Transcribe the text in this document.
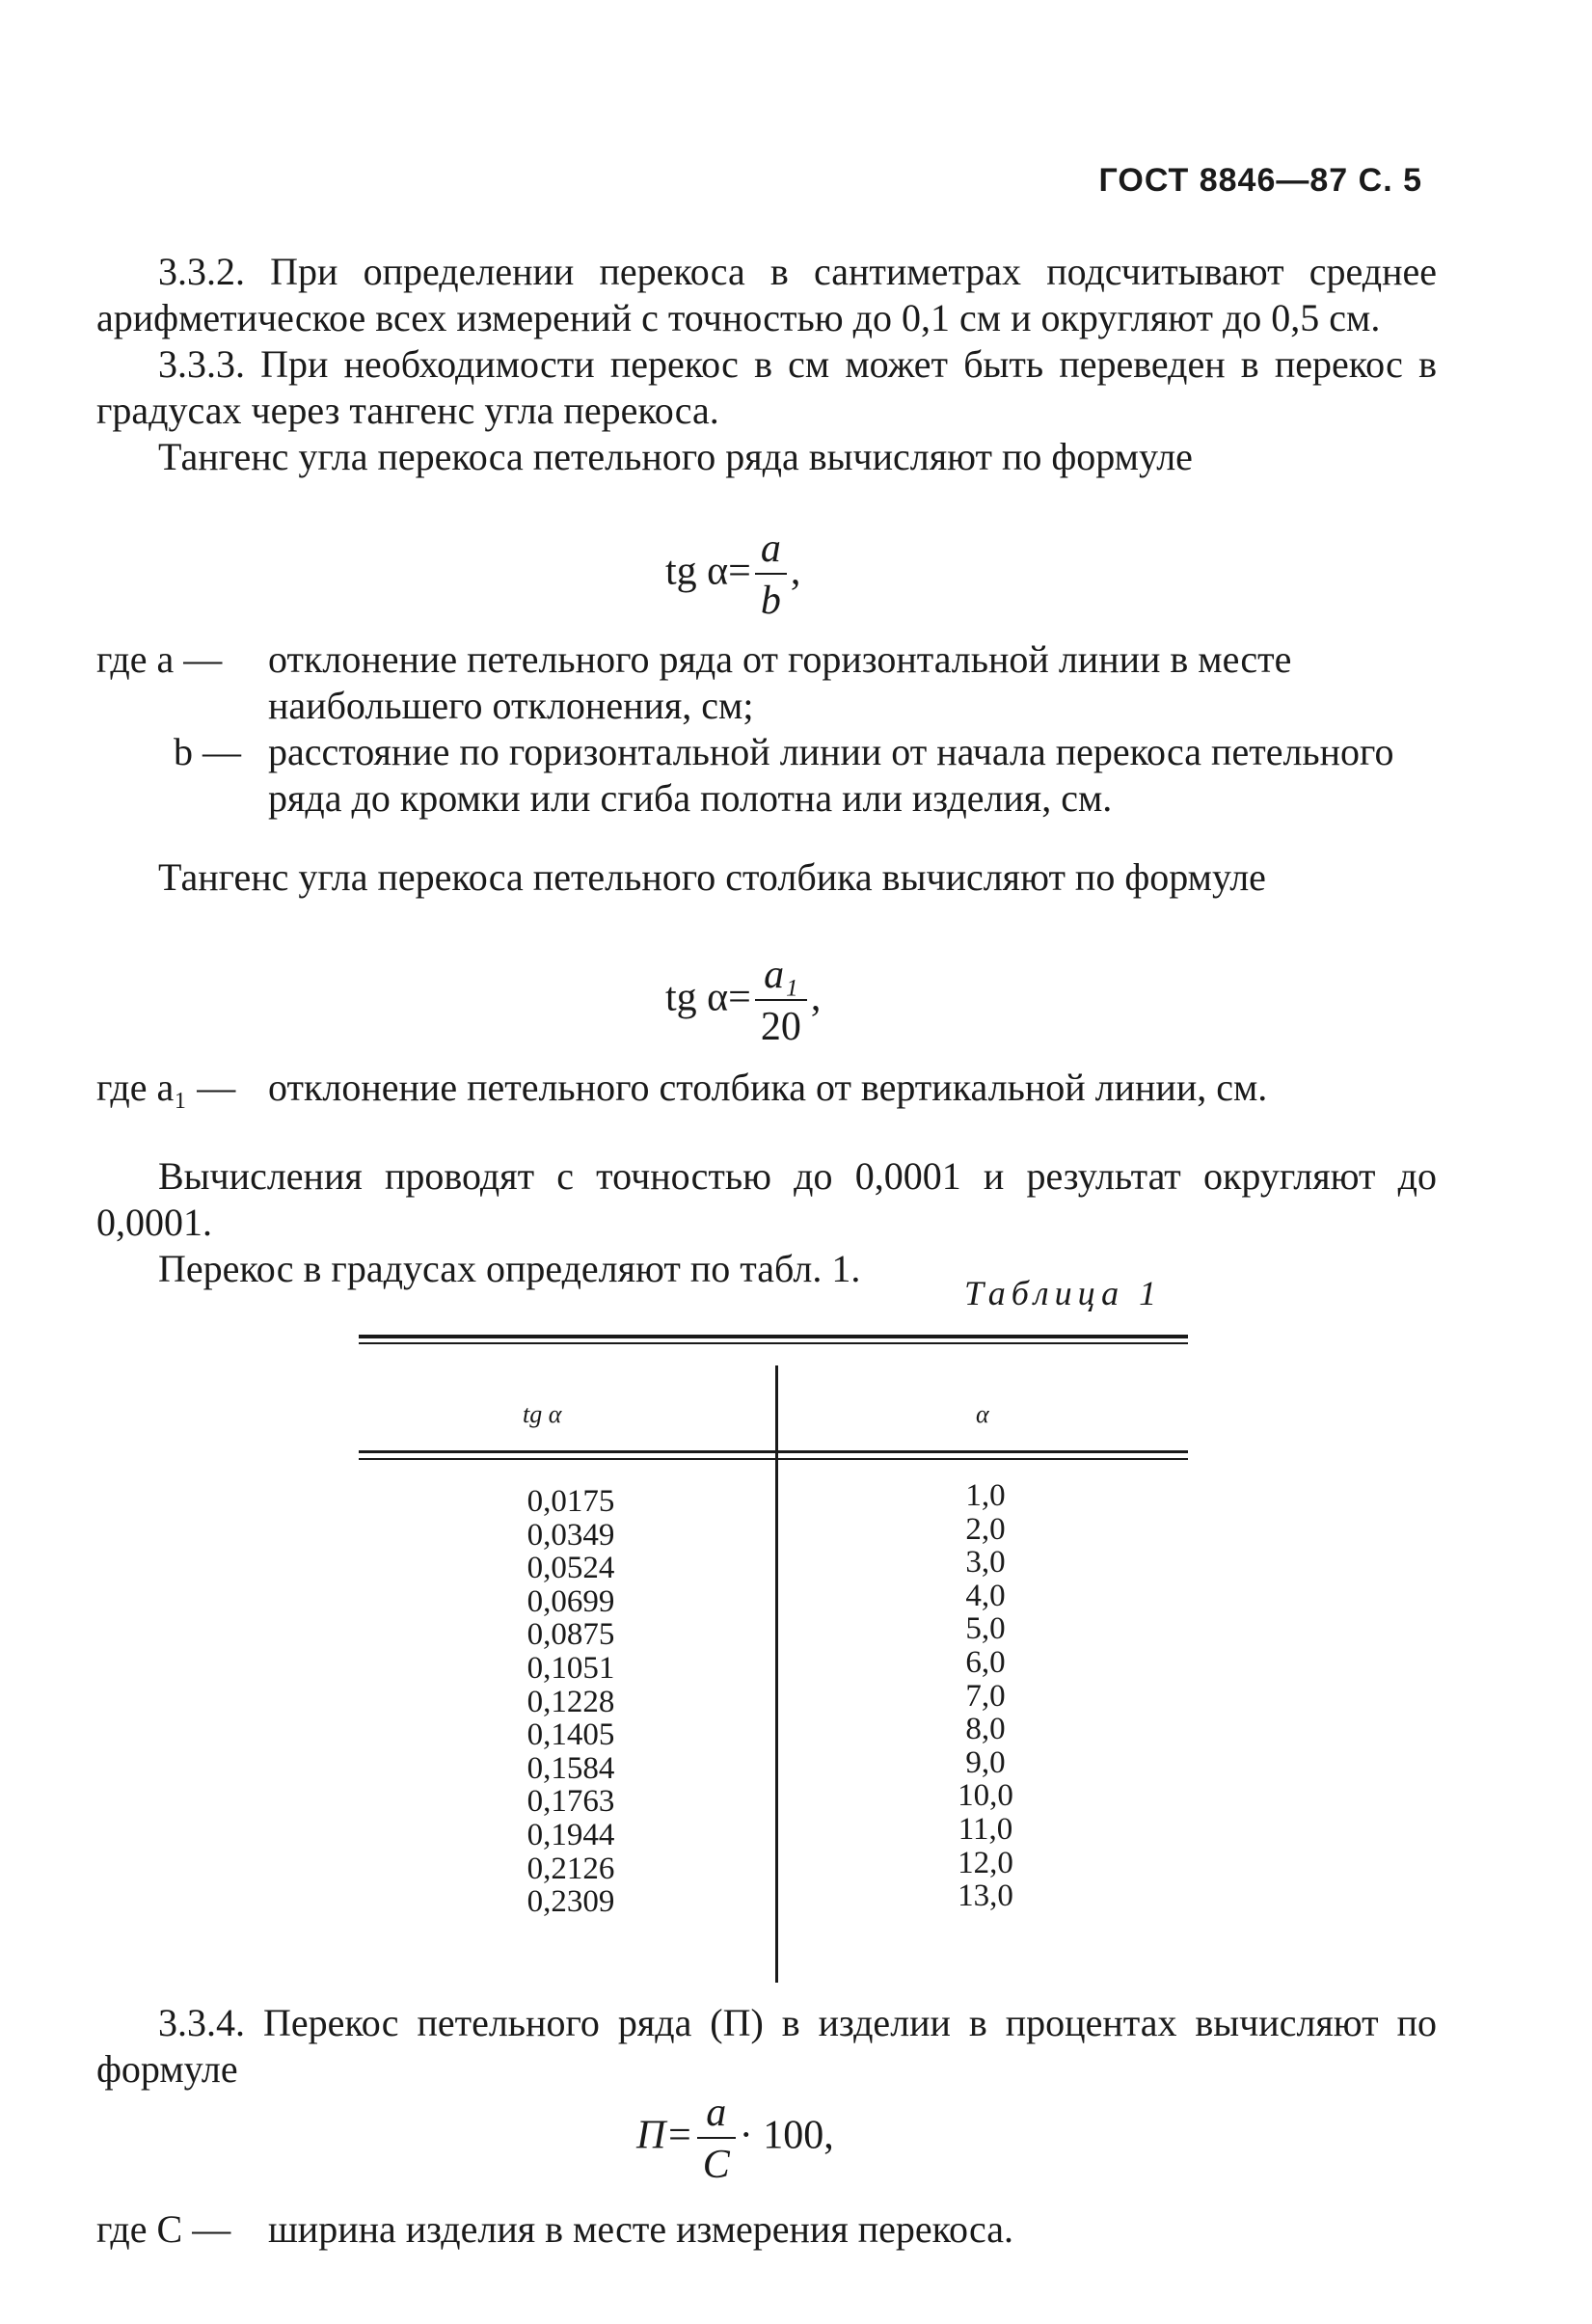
ГОСТ 8846—87 С. 5

3.3.2. При определении перекоса в сантиметрах подсчитывают среднее арифметическое всех измерений с точностью до 0,1 см и округляют до 0,5 см.

3.3.3. При необходимости перекос в см может быть переведен в перекос в градусах через тангенс угла перекоса.

Тангенс угла перекоса петельного ряда вычисляют по формуле

tg $\alpha= \frac{a}{b}$ ,
где a — отклонение петельного ряда от горизонтальной линии в месте наибольшего отклонения, см;
b — расстояние по горизонтальной линии от начала перекоса петельного ряда до кромки или сгиба полотна или изделия, см.

Тангенс угла перекоса петельного столбика вычисляют по формуле

tg $\alpha= \frac{\text{a₁}}{20}$ ,
где a₁ — отклонение петельного столбика от вертикальной линии, см.

Вычисления проводят с точностью до 0,0001 и результат округляют до 0,0001.

Перекос в градусах определяют по табл. 1.

Таблица 1
tg α	α
0,0175
0,0349
0,0524
0,0699
0,0875
0,1051
0,1228
0,1405
0,1584
0,1763
0,1944
0,2126
0,2309
1,0
2,0
3,0
4,0
5,0
6,0
7,0
8,0
9,0
10,0
11,0
12,0
13,0

3.3.4. Перекос петельного ряда (П) в изделии в процентах вычисляют по формуле

$П= \frac{a}{C} \cdot 100$,
где C — ширина изделия в месте измерения перекоса.
